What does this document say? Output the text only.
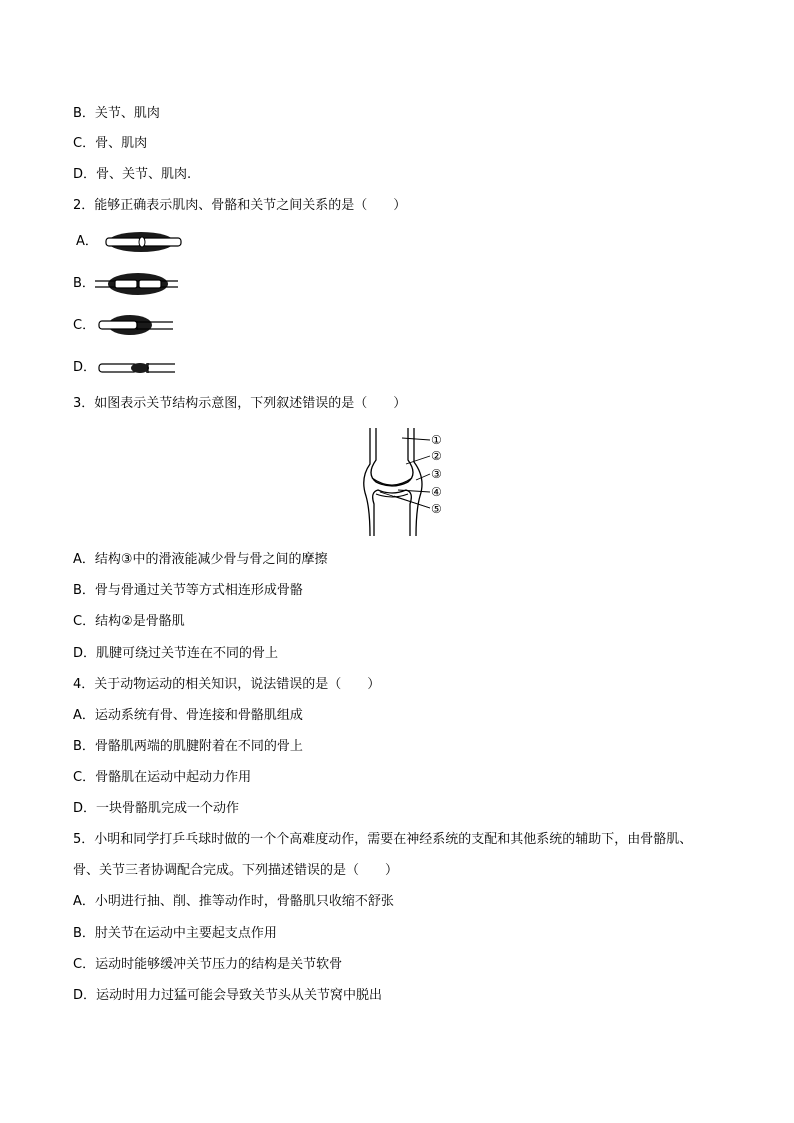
B．关节、肌肉
C．骨、肌肉
D．骨、关节、肌肉.
2．能够正确表示肌肉、骨骼和关节之间关系的是（　　）
A．
B．
C．
D．
3．如图表示关节结构示意图，下列叙述错误的是（　　）
①
②
③
④
⑤
A．结构③中的滑液能减少骨与骨之间的摩擦
B．骨与骨通过关节等方式相连形成骨骼
C．结构②是骨骼肌
D．肌腱可绕过关节连在不同的骨上
4．关于动物运动的相关知识，说法错误的是（　　）
A．运动系统有骨、骨连接和骨骼肌组成
B．骨骼肌两端的肌腱附着在不同的骨上
C．骨骼肌在运动中起动力作用
D．一块骨骼肌完成一个动作
5．小明和同学打乒乓球时做的一个个高难度动作，需要在神经系统的支配和其他系统的辅助下，由骨骼肌、
骨、关节三者协调配合完成。下列描述错误的是（　　）
A．小明进行抽、削、推等动作时，骨骼肌只收缩不舒张
B．肘关节在运动中主要起支点作用
C．运动时能够缓冲关节压力的结构是关节软骨
D．运动时用力过猛可能会导致关节头从关节窝中脱出
